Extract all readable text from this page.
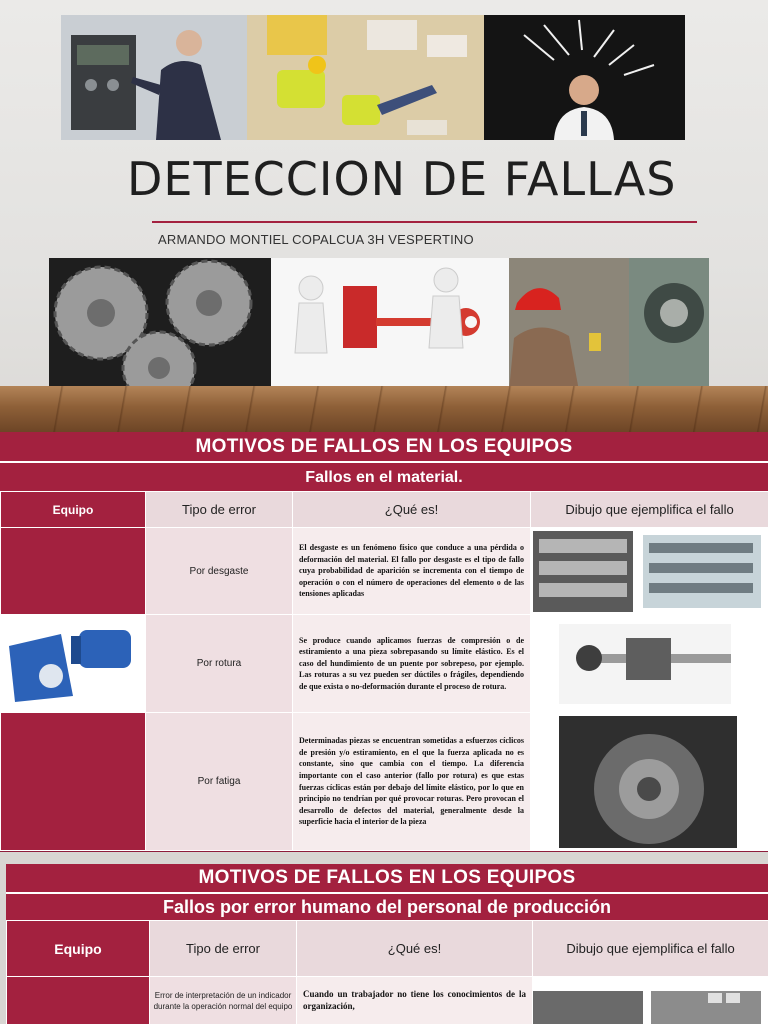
DETECCION DE FALLAS
ARMANDO MONTIEL COPALCUA 3H VESPERTINO
MOTIVOS DE FALLOS EN LOS EQUIPOS
Fallos en el material.
Equipo	Tipo de error	¿Qué es!	Dibujo que ejemplifica el fallo
	Por desgaste	El desgaste es un fenómeno físico que conduce a una pérdida o deformación del material. El fallo por desgaste es el tipo de fallo cuya probabilidad de aparición se incrementa con el tiempo de operación o con el número de operaciones del elemento o de las tensiones aplicadas	

	Por rotura	Se produce cuando aplicamos fuerzas de compresión o de estiramiento a una pieza sobrepasando su límite elástico. Es el caso del hundimiento de un puente por sobrepeso, por ejemplo. Las roturas a su vez pueden ser dúctiles o frágiles, dependiendo de que exista o no-deformación durante el proceso de rotura.	

	Por fatiga	Determinadas piezas se encuentran sometidas a esfuerzos cíclicos de presión y/o estiramiento, en el que la fuerza aplicada no es constante, sino que cambia con el tiempo. La diferencia importante con el caso anterior (fallo por rotura) es que estas fuerzas cíclicas están por debajo del límite elástico, por lo que en principio no tendrían por qué provocar roturas. Pero provocan el desarrollo de defectos del material, generalmente desde la superficie hacia el interior de la pieza	
MOTIVOS DE FALLOS EN LOS EQUIPOS
Fallos por error humano del personal de producción
Equipo	Tipo de error	¿Qué es!	Dibujo que ejemplifica el fallo
	Error de interpretación de un indicador durante la operación normal del equipo	Cuando un trabajador no tiene los conocimientos de la organización,	
